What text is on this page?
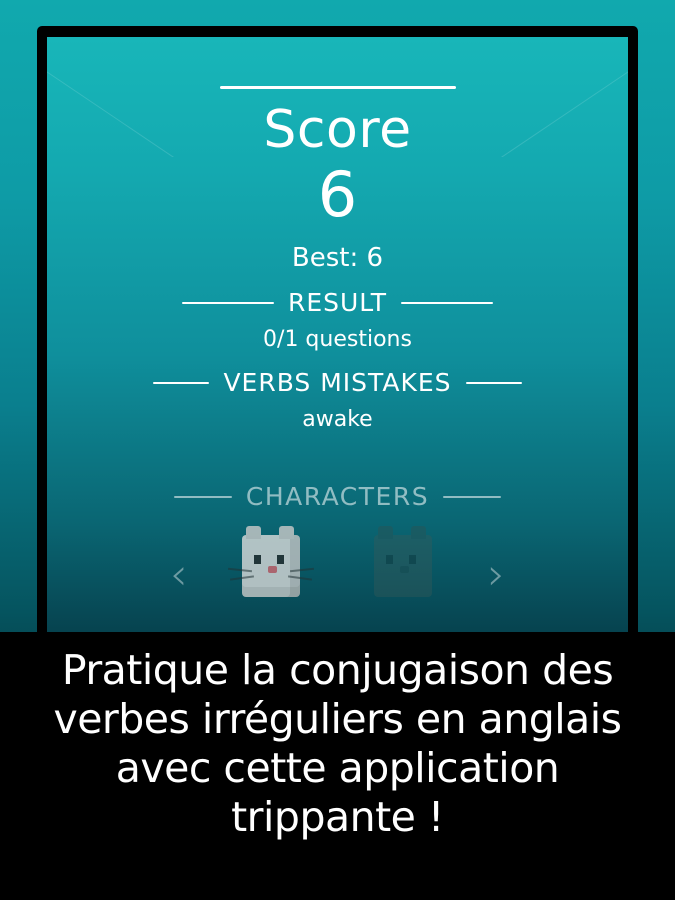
Score
6
Best: 6
RESULT
0/1 questions
VERBS MISTAKES
awake
CHARACTERS
‹	›

Pratique la conjugaison des verbes irréguliers en anglais avec cette application trippante !
